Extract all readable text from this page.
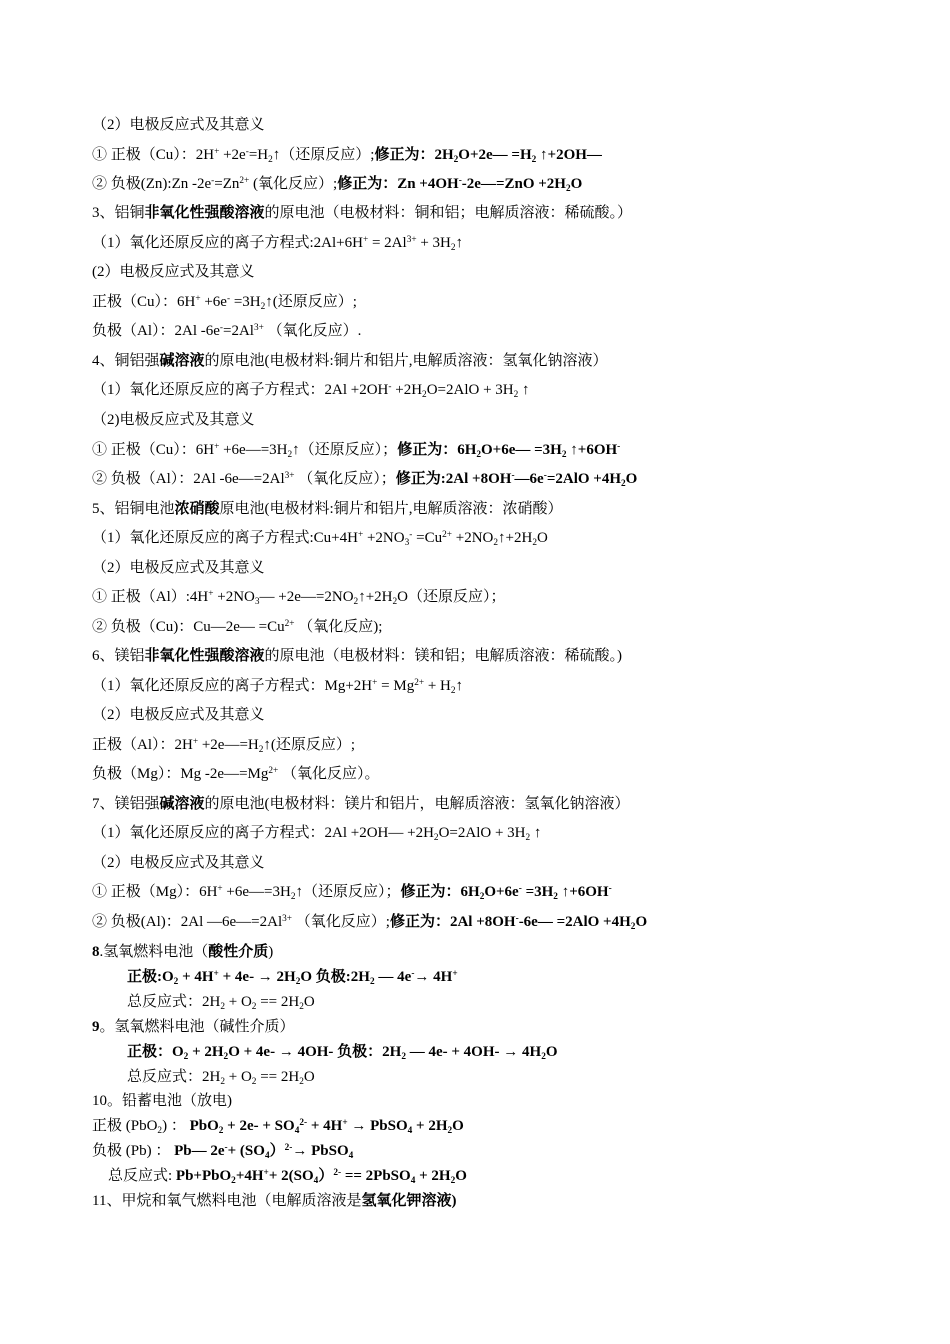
（2）电极反应式及其意义
① 正极（Cu）：$2H^+ +2e^-=H_2↑$（还原反应）;修正为：$2H_2O+2e— =H_2$ ↑+2OH—
② 负极(Zn):Zn $-2e^-=Zn^{2+}$ (氧化反应）;修正为：Zn +4OH--2e—=ZnO $+2H_2O$
3、铝铜非氧化性强酸溶液的原电池（电极材料：铜和铝；电解质溶液：稀硫酸。）
（1）氧化还原反应的离子方程式:2Al+6H+ = $2Al^{3+}$ + $3H_2↑$
(2）电极反应式及其意义
正极（Cu）：$6H^+ +6e^- =3H_2↑$(还原反应）;
负极（Al）：2Al $-6e^-=2Al^{3+}$ （氧化反应）.
4、铜铝强碱溶液的原电池(电极材料:铜片和铝片,电解质溶液：氢氧化钠溶液）
（1）氧化还原反应的离子方程式：$2Al +2OH^- +2H_2O=2AlO + 3H_2$ ↑
（2)电极反应式及其意义
① 正极（Cu）：$6H^+ +6e—=3H_2↑$（还原反应）；修正为：$6H_2O+6e— =3H_2$ ↑+6OH-
② 负极（Al）：2Al $-6e—=2Al^{3+}$ （氧化反应）；修正为:2Al +8OH-—6e-=2AlO $+4H_2O$
5、铝铜电池浓硝酸原电池(电极材料:铜片和铝片,电解质溶液：浓硝酸）
（1）氧化还原反应的离子方程式:Cu+4H+ $+2NO_3^- =Cu^{2+}$ $+2NO_2↑+2H_2O$
（2）电极反应式及其意义
① 正极（Al）:4H+ $+2NO_3—$ $+2e—=2NO_2↑+2H_2O$（还原反应）；
② 负极（Cu)：Cu—2e— $=Cu^{2+}$ （氧化反应);
6、镁铝非氧化性强酸溶液的原电池（电极材料：镁和铝；电解质溶液：稀硫酸。)
（1）氧化还原反应的离子方程式：$Mg+2H^+ = Mg^{2+}$ + $H_2↑$
（2）电极反应式及其意义
正极（Al）：$2H^+ +2e—=H_2↑$(还原反应）;
负极（Mg）：Mg $-2e—=Mg^{2+}$ （氧化反应）。
7、镁铝强碱溶液的原电池(电极材料：镁片和铝片，电解质溶液：氢氧化钠溶液）
（1）氧化还原反应的离子方程式：2Al +2OH— $+2H_2O=2AlO + 3H_2$ ↑
（2）电极反应式及其意义
① 正极（Mg）：$6H^+ +6e—=3H_2↑$（还原反应）；修正为：$6H_2O+6e^- =3H_2$ ↑+6OH-
② 负极(Al)：2Al $—6e—=2Al^{3+}$ （氧化反应）;修正为：2Al +8OH--6e— $=2AlO +4H_2O$
8.氢氧燃料电池（酸性介质)
正极$:O_2 + 4H^+ + 4e- \to 2H_2O$ 负极$:2H_2$ — 4e-→ 4H+
总反应式：$2H_2 + O_2 == 2H_2O$
9。氢氧燃料电池（碱性介质）
正极：$O_2 + 2H_2O + 4e- \to 4OH-$ 负极：$2H_2$ — $4e- + 4OH- \to 4H_2O$
总反应式：$2H_2 + O_2 == 2H_2O$
10。铅蓄电池（放电)
正极 (PbO$_2$) ： $PbO_2 + 2e- + SO_4^{2-} + 4H^+$ → PbSO$_4$ + $2H_2O$
负极 (Pb) ： Pb— $2e^-+ (SO_4)^{2-}\to$ PbSO$_4$
总反应式: $Pb+PbO_2+4H^++ 2(SO_4)^{2-}$ == 2PbSO$_4$ + $2H_2O$
11、甲烷和氧气燃料电池（电解质溶液是氢氧化钾溶液)
